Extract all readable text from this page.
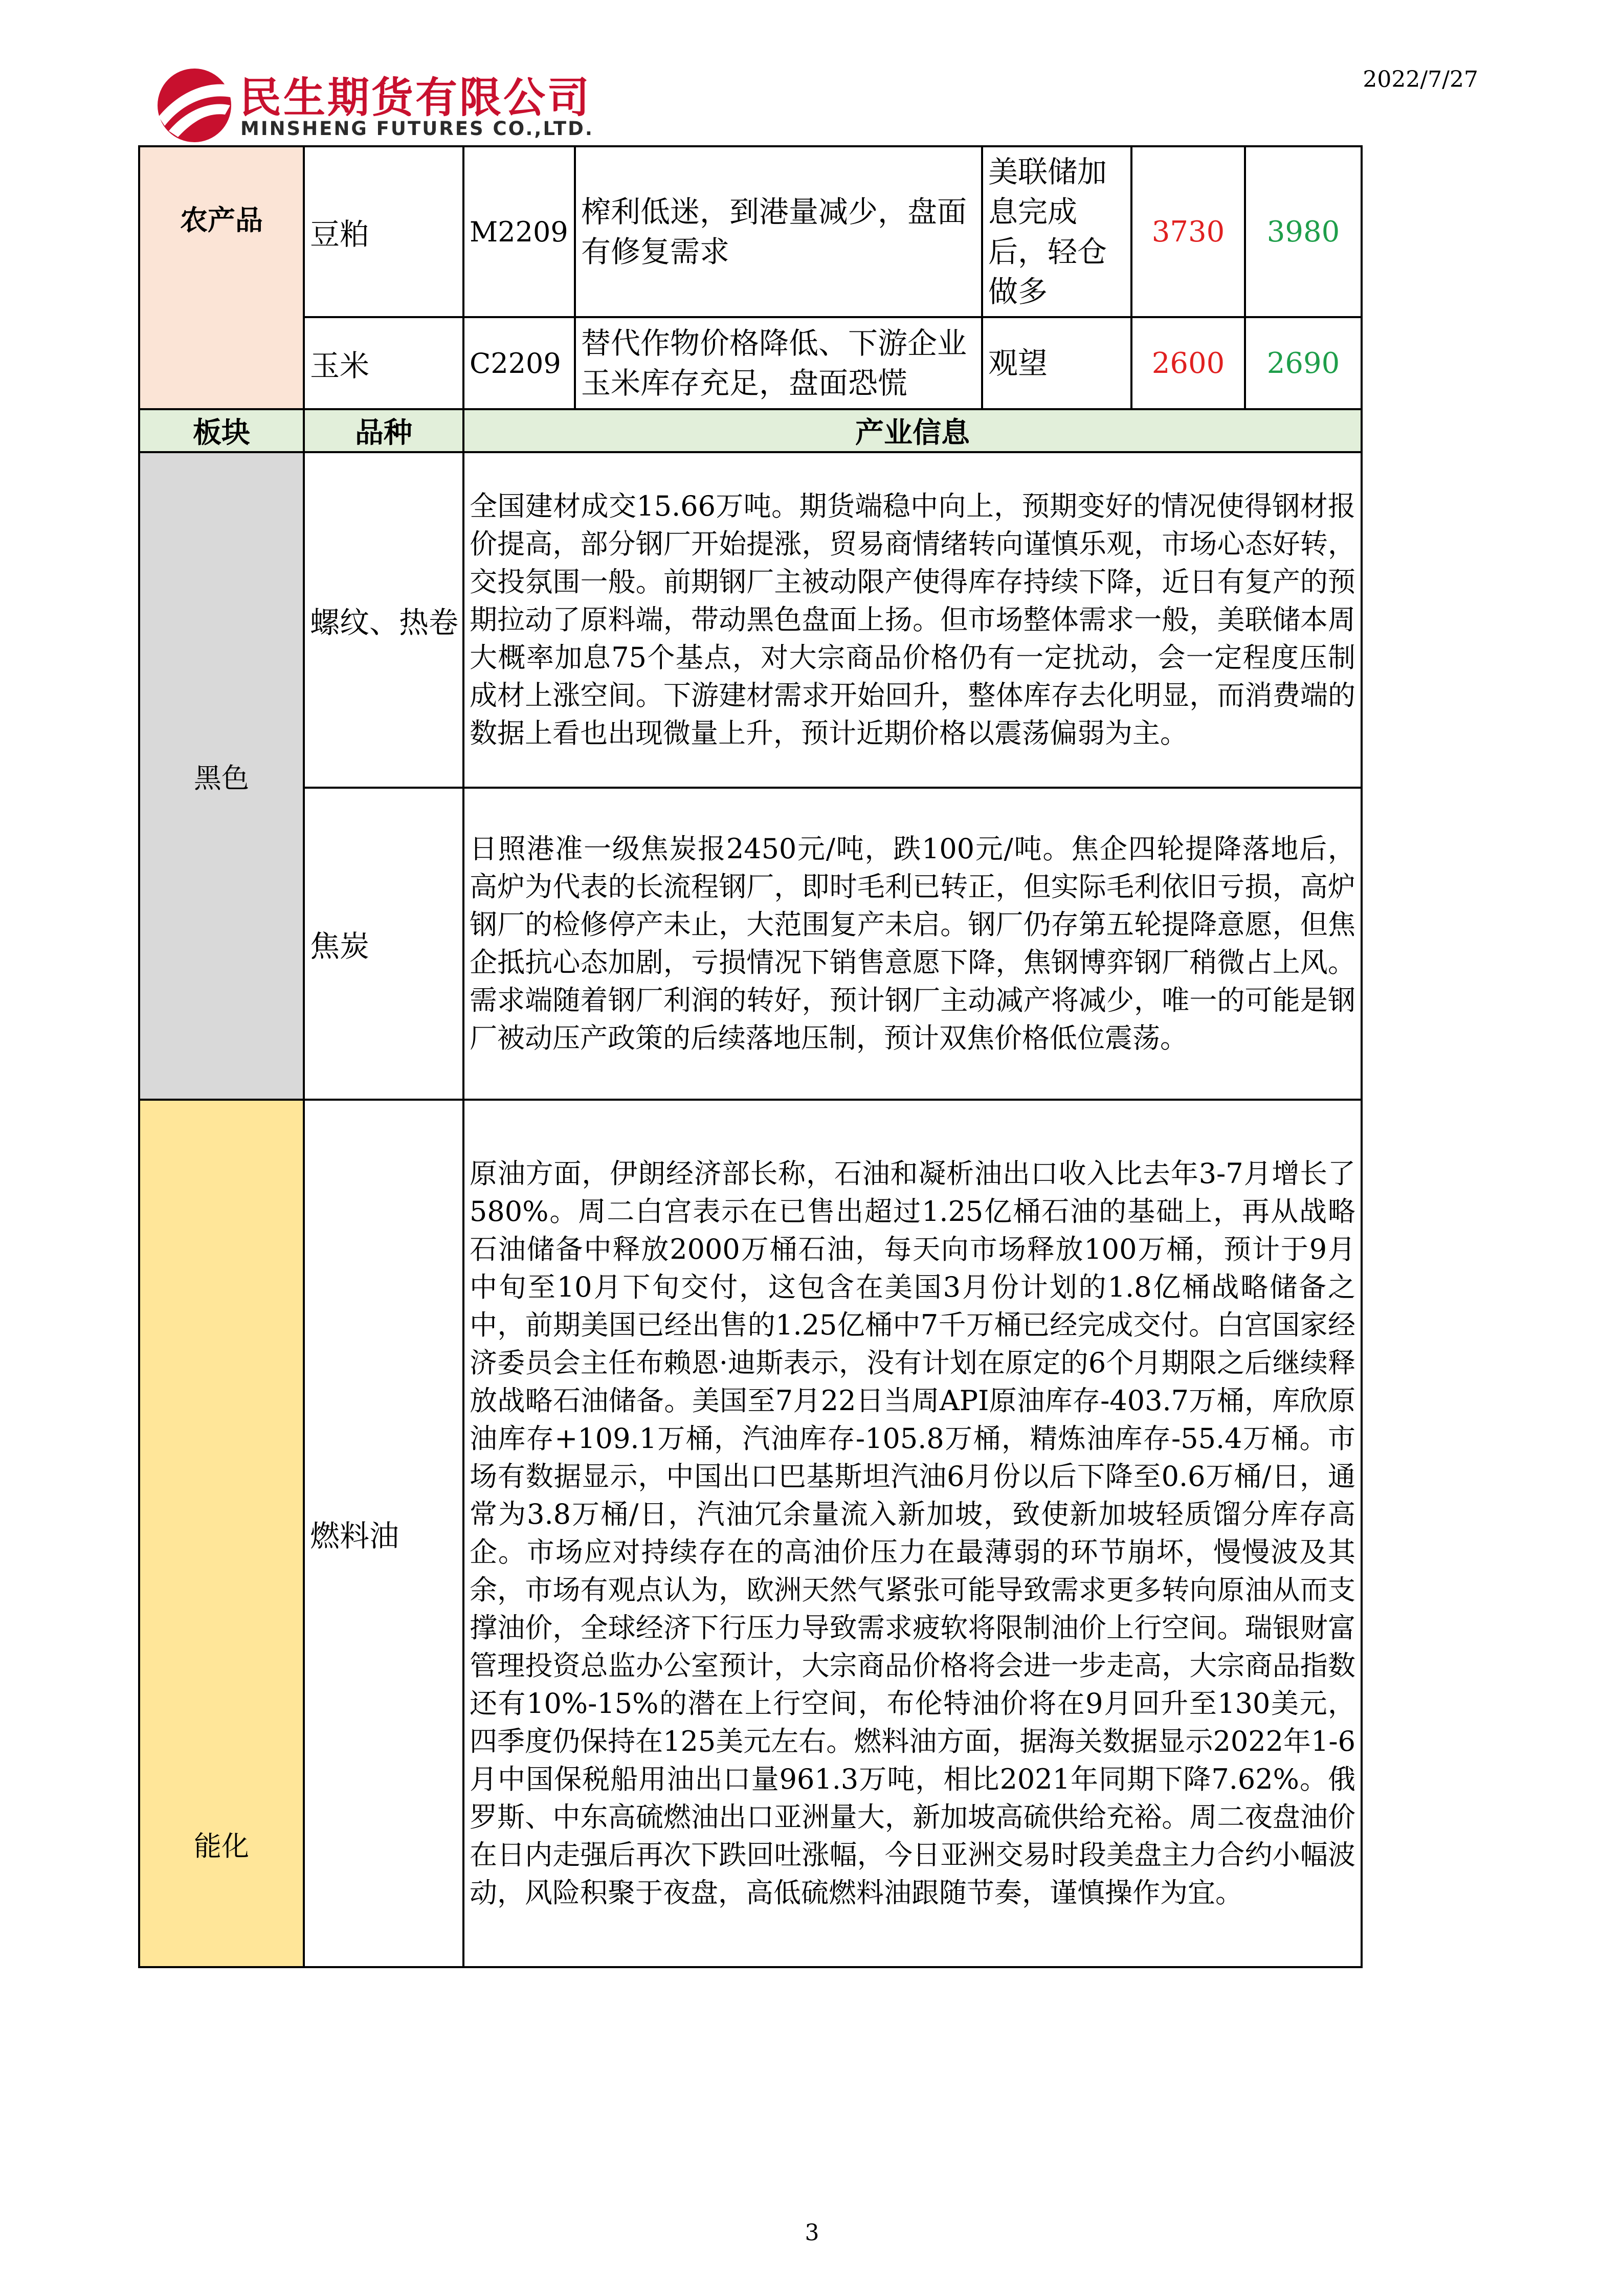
民生期货有限公司
MINSHENG FUTURES CO.,LTD.
2022/7/27
农产品	豆粕	M2209	榨利低迷，到港量减少，盘面有修复需求	美联储加息完成后，轻仓做多	3730	3980
	玉米	C2209	替代作物价格降低、下游企业玉米库存充足，盘面恐慌	观望	2600	2690
板块	品种	产业信息				
黑色	螺纹、热卷	全国建材成交15.66万吨。期货端稳中向上，预期变好的情况使得钢材报价提高，部分钢厂开始提涨，贸易商情绪转向谨慎乐观，市场心态好转，交投氛围一般。前期钢厂主被动限产使得库存持续下降，近日有复产的预期拉动了原料端，带动黑色盘面上扬。但市场整体需求一般，美联储本周大概率加息75个基点，对大宗商品价格仍有一定扰动，会一定程度压制成材上涨空间。下游建材需求开始回升，整体库存去化明显，而消费端的数据上看也出现微量上升，预计近期价格以震荡偏弱为主。				
	焦炭	日照港准一级焦炭报2450元/吨，跌100元/吨。焦企四轮提降落地后，高炉为代表的长流程钢厂，即时毛利已转正，但实际毛利依旧亏损，高炉钢厂的检修停产未止，大范围复产未启。钢厂仍存第五轮提降意愿，但焦企抵抗心态加剧，亏损情况下销售意愿下降，焦钢博弈钢厂稍微占上风。需求端随着钢厂利润的转好，预计钢厂主动减产将减少，唯一的可能是钢厂被动压产政策的后续落地压制，预计双焦价格低位震荡。				
能化	燃料油	原油方面，伊朗经济部长称，石油和凝析油出口收入比去年3-7月增长了580%。周二白宫表示在已售出超过1.25亿桶石油的基础上，再从战略石油储备中释放2000万桶石油，每天向市场释放100万桶，预计于9月中旬至10月下旬交付，这包含在美国3月份计划的1.8亿桶战略储备之中，前期美国已经出售的1.25亿桶中7千万桶已经完成交付。白宫国家经济委员会主任布赖恩·迪斯表示，没有计划在原定的6个月期限之后继续释放战略石油储备。美国至7月22日当周API原油库存-403.7万桶，库欣原油库存+109.1万桶，汽油库存-105.8万桶，精炼油库存-55.4万桶。市场有数据显示，中国出口巴基斯坦汽油6月份以后下降至0.6万桶/日，通常为3.8万桶/日，汽油冗余量流入新加坡，致使新加坡轻质馏分库存高企。市场应对持续存在的高油价压力在最薄弱的环节崩坏，慢慢波及其余，市场有观点认为，欧洲天然气紧张可能导致需求更多转向原油从而支撑油价，全球经济下行压力导致需求疲软将限制油价上行空间。瑞银财富管理投资总监办公室预计，大宗商品价格将会进一步走高，大宗商品指数还有10%-15%的潜在上行空间，布伦特油价将在9月回升至130美元，四季度仍保持在125美元左右。燃料油方面，据海关数据显示2022年1-6月中国保税船用油出口量961.3万吨，相比2021年同期下降7.62%。俄罗斯、中东高硫燃油出口亚洲量大，新加坡高硫供给充裕。周二夜盘油价在日内走强后再次下跌回吐涨幅，今日亚洲交易时段美盘主力合约小幅波动，风险积聚于夜盘，高低硫燃料油跟随节奏，谨慎操作为宜。				
3
